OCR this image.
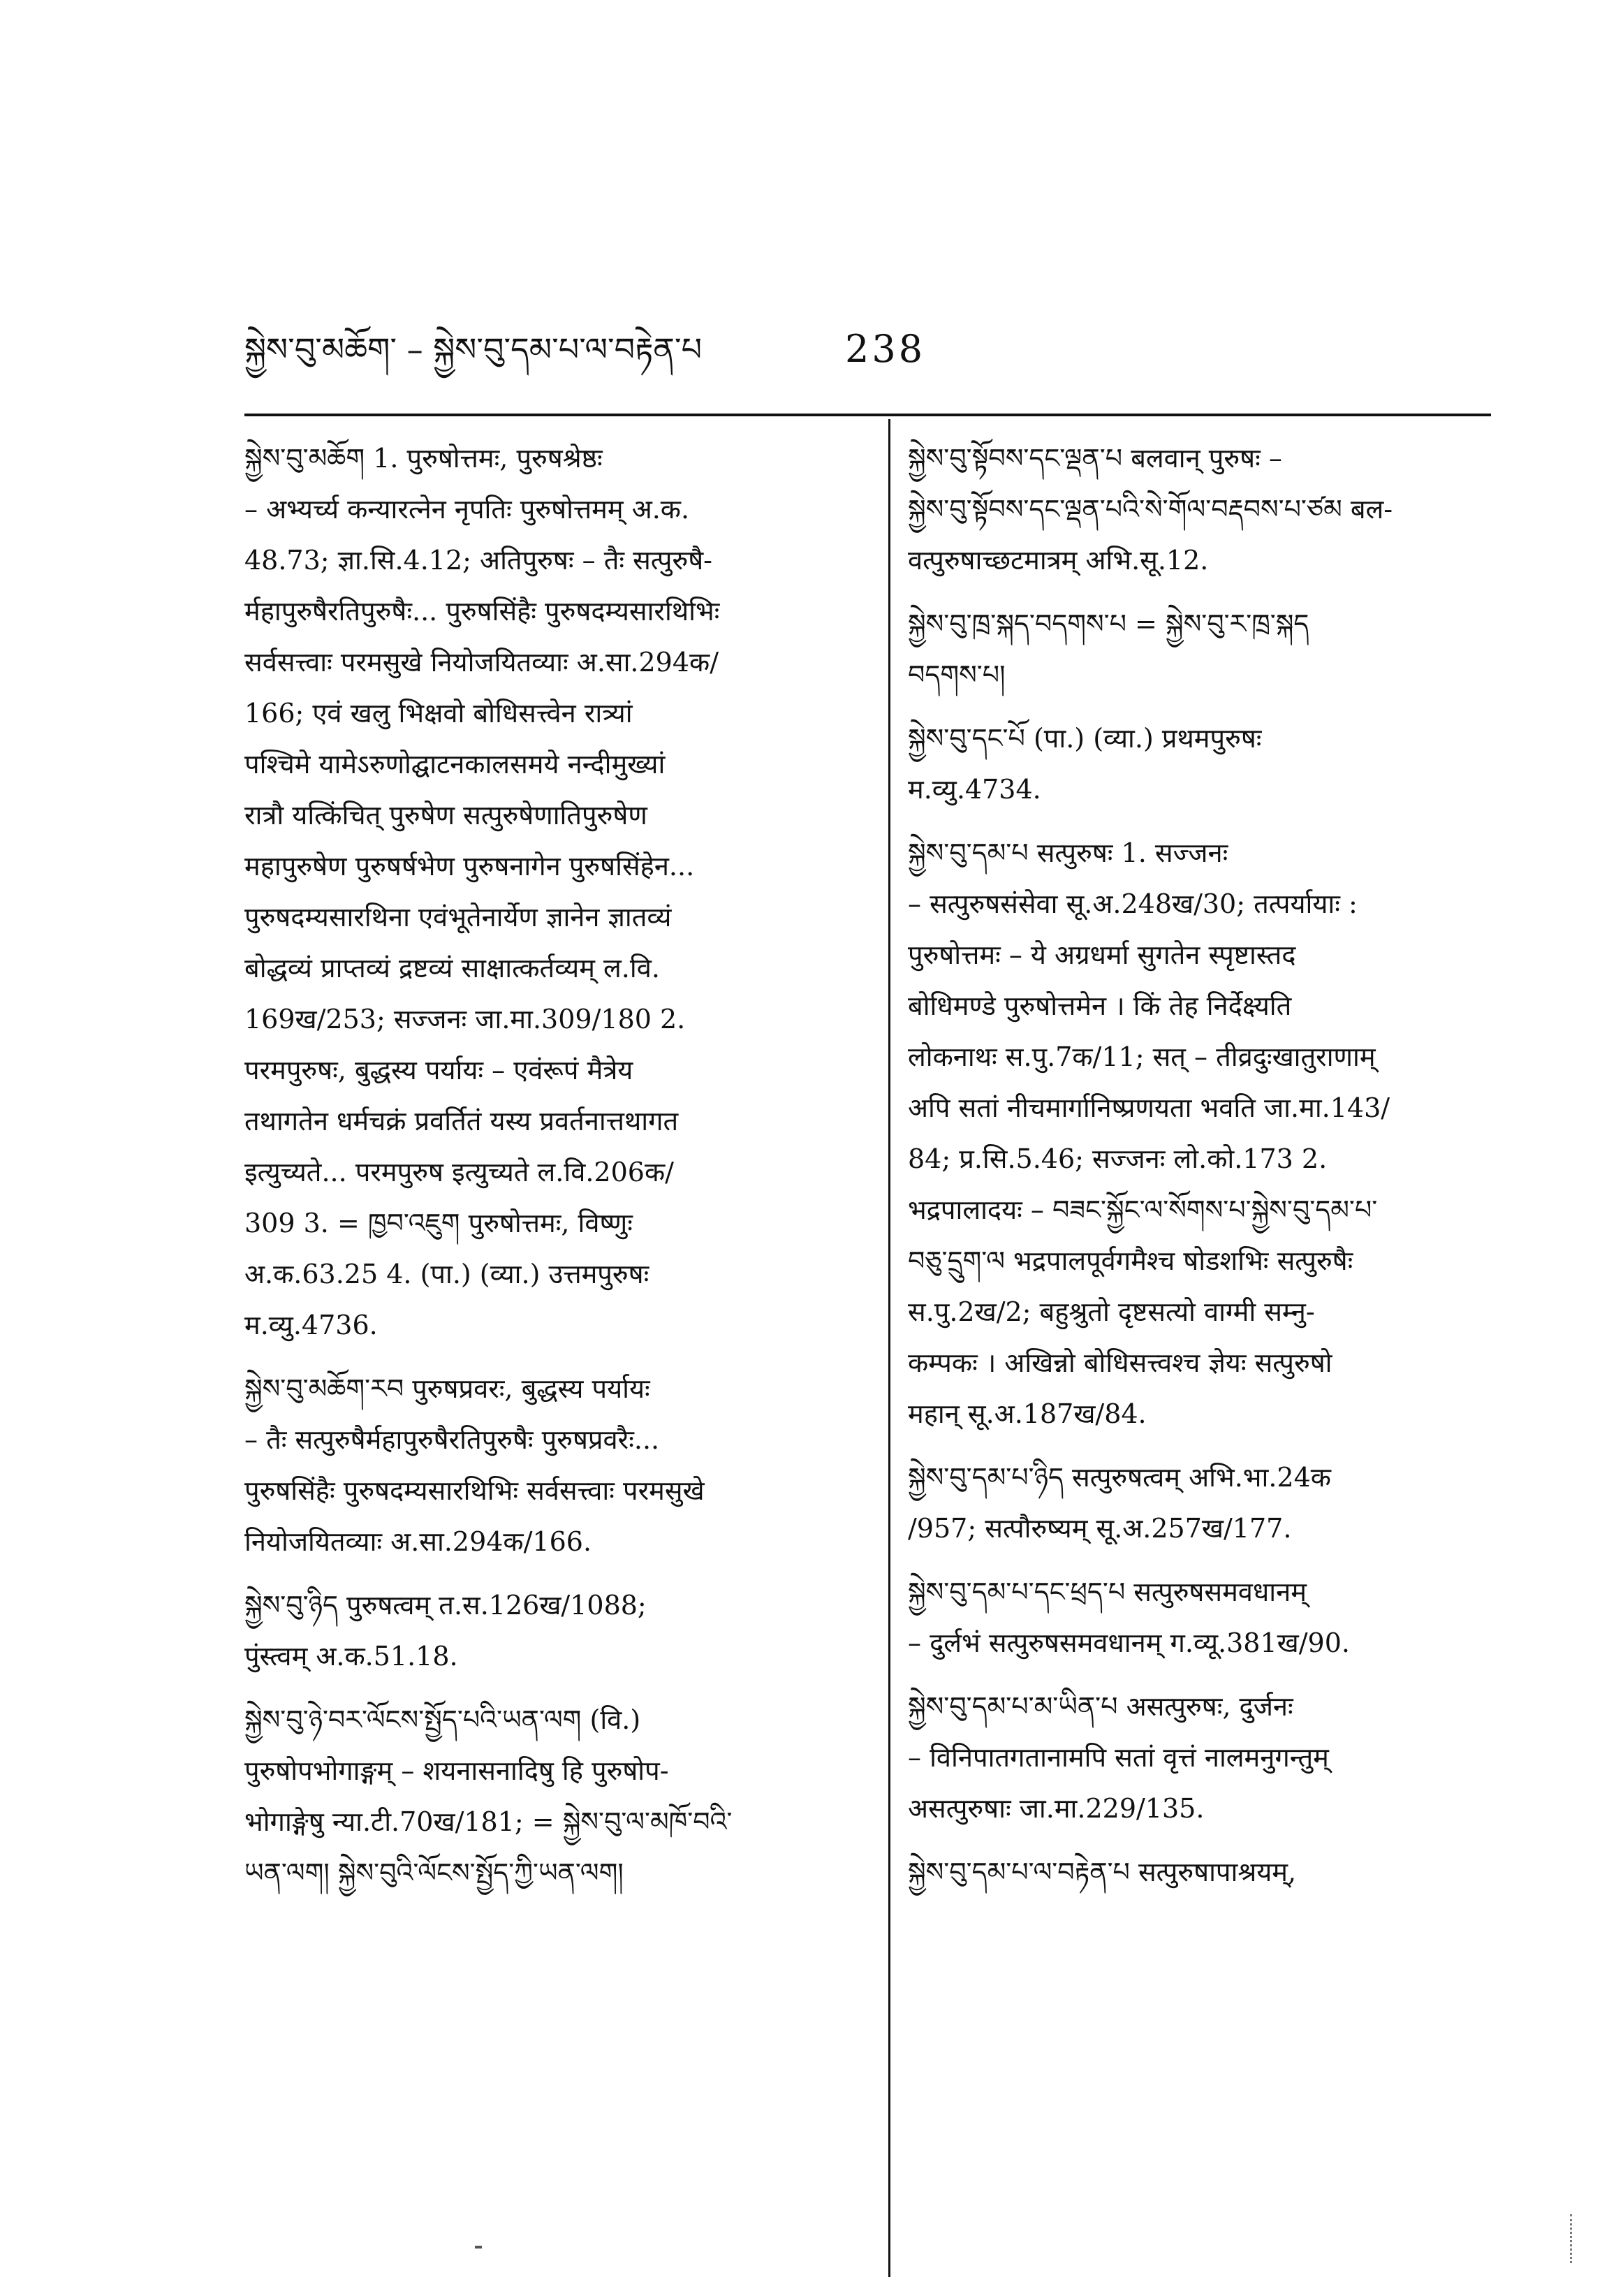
སྐྱེས་བུ་མཆོག་ – སྐྱེས་བུ་དམ་པ་ལ་བརྟེན་པ	238
སྐྱེས་བུ་མཆོག 1. पुरुषोत्तमः, पुरुषश्रेष्ठः
– अभ्यर्च्य कन्यारत्नेन नृपतिः पुरुषोत्तमम् अ.क.
48.73; ज्ञा.सि.4.12; अतिपुरुषः – तैः सत्पुरुषै-
र्महापुरुषैरतिपुरुषैः... पुरुषसिंहैः पुरुषदम्यसारथिभिः
सर्वसत्त्वाः परमसुखे नियोजयितव्याः अ.सा.294क/
166; एवं खलु भिक्षवो बोधिसत्त्वेन रात्र्यां
पश्चिमे यामेऽरुणोद्घाटनकालसमये नन्दीमुख्यां
रात्रौ यत्किंचित् पुरुषेण सत्पुरुषेणातिपुरुषेण
महापुरुषेण पुरुषर्षभेण पुरुषनागेन पुरुषसिंहेन...
पुरुषदम्यसारथिना एवंभूतेनार्येण ज्ञानेन ज्ञातव्यं
बोद्धव्यं प्राप्तव्यं द्रष्टव्यं साक्षात्कर्तव्यम् ल.वि.
169ख/253; सज्जनः जा.मा.309/180 2.
परमपुरुषः, बुद्धस्य पर्यायः – एवंरूपं मैत्रेय
तथागतेन धर्मचक्रं प्रवर्तितं यस्य प्रवर्तनात्तथागत
इत्युच्यते... परमपुरुष इत्युच्यते ल.वि.206क/
309 3. = ཁྱབ་འཇུག पुरुषोत्तमः, विष्णुः
अ.क.63.25 4. (पा.) (व्या.) उत्तमपुरुषः
म.व्यु.4736.
སྐྱེས་བུ་མཆོག་རབ पुरुषप्रवरः, बुद्धस्य पर्यायः
– तैः सत्पुरुषैर्महापुरुषैरतिपुरुषैः पुरुषप्रवरैः...
पुरुषसिंहैः पुरुषदम्यसारथिभिः सर्वसत्त्वाः परमसुखे
नियोजयितव्याः अ.सा.294क/166.
སྐྱེས་བུ་ཉིད पुरुषत्वम् त.स.126ख/1088;
पुंस्त्वम् अ.क.51.18.
སྐྱེས་བུ་ཉེ་བར་ལོངས་སྤྱོད་པའི་ཡན་ལག (वि.)
पुरुषोपभोगाङ्गम् – शयनासनादिषु हि पुरुषोप-
भोगाङ्गेषु न्या.टी.70ख/181; = སྐྱེས་བུ་ལ་མཁོ་བའི་
ཡན་ལག། སྐྱེས་བུའི་ལོངས་སྤྱོད་ཀྱི་ཡན་ལག།
སྐྱེས་བུ་སྟོབས་དང་ལྡན་པ बलवान् पुरुषः –
སྐྱེས་བུ་སྟོབས་དང་ལྡན་པའི་སེ་གོལ་བརྡབས་པ་ཙམ बल-
वत्पुरुषाच्छटमात्रम् अभि.सू.12.
སྐྱེས་བུ་ཁྲ་སྐད་བདགས་པ = སྐྱེས་བུ་ར་ཁྲ་སྐད
བདགས་པ།
སྐྱེས་བུ་དང་པོ (पा.) (व्या.) प्रथमपुरुषः
म.व्यु.4734.
སྐྱེས་བུ་དམ་པ सत्पुरुषः 1. सज्जनः
– सत्पुरुषसंसेवा सू.अ.248ख/30; तत्पर्यायाः :
पुरुषोत्तमः – ये अग्रधर्मा सुगतेन स्पृष्टास्तद
बोधिमण्डे पुरुषोत्तमेन । किं तेह निर्देक्ष्यति
लोकनाथः स.पु.7क/11; सत् – तीव्रदुःखातुराणाम्
अपि सतां नीचमार्गानिष्प्रणयता भवति जा.मा.143/
84; प्र.सि.5.46; सज्जनः लो.को.173 2.
भद्रपालादयः – བཟང་སྐྱོང་ལ་སོགས་པ་སྐྱེས་བུ་དམ་པ་
བཅུ་དྲུག་ལ भद्रपालपूर्वगमैश्च षोडशभिः सत्पुरुषैः
स.पु.2ख/2; बहुश्रुतो दृष्टसत्यो वाग्मी सम्नु-
कम्पकः । अखिन्नो बोधिसत्त्वश्च ज्ञेयः सत्पुरुषो
महान् सू.अ.187ख/84.
སྐྱེས་བུ་དམ་པ་ཉིད सत्पुरुषत्वम् अभि.भा.24क
/957; सत्पौरुष्यम् सू.अ.257ख/177.
སྐྱེས་བུ་དམ་པ་དང་ཕྲད་པ सत्पुरुषसमवधानम्
– दुर्लभं सत्पुरुषसमवधानम् ग.व्यू.381ख/90.
སྐྱེས་བུ་དམ་པ་མ་ཡིན་པ असत्पुरुषः, दुर्जनः
– विनिपातगतानामपि सतां वृत्तं नालमनुगन्तुम्
असत्पुरुषाः जा.मा.229/135.
སྐྱེས་བུ་དམ་པ་ལ་བརྟེན་པ सत्पुरुषापाश्रयम्,
